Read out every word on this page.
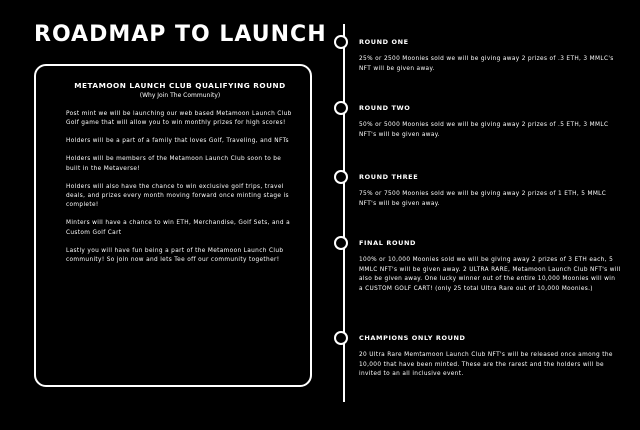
ROADMAP TO LAUNCH
METAMOON LAUNCH CLUB QUALIFYING ROUND
(Why Join The Community)

Post mint we will be launching our web based Metamoon Launch Club Golf game that will allow you to win monthly prizes for high scores!

Holders will be a part of a family that loves Golf, Traveling, and NFTs

Holders will be members of the Metamoon Launch Club soon to be built in the Metaverse!

Holders will also have the chance to win exclusive golf trips, travel deals, and prizes every month moving forward once minting stage is complete!

Minters will have a chance to win ETH, Merchandise, Golf Sets, and a Custom Golf Cart

Lastly you will have fun being a part of the Metamoon Launch Club community! So join now and lets Tee off our community together!

ROUND ONE
25% or 2500 Moonies sold we will be giving away 2 prizes of .3 ETH, 3 MMLC's NFT will be given away.
ROUND TWO
50% or 5000 Moonies sold we will be giving away 2 prizes of .5 ETH, 3 MMLC NFT's will be given away.
ROUND THREE
75% or 7500 Moonies sold we will be giving away 2 prizes of 1 ETH, 5 MMLC NFT's will be given away.
FINAL ROUND
100% or 10,000 Moonies sold we will be giving away 2 prizes of 3 ETH each, 5 MMLC NFT's will be given away. 2 ULTRA RARE, Metamoon Launch Club NFT's will also be given away. One lucky winner out of the entire 10,000 Moonies will win a CUSTOM GOLF CART! (only 25 total Ultra Rare out of 10,000 Moonies.)
CHAMPIONS ONLY ROUND
20 Ultra Rare Memtamoon Launch Club NFT's will be released once among the 10,000 that have been minted. These are the rarest and the holders will be invited to an all inclusive event.
